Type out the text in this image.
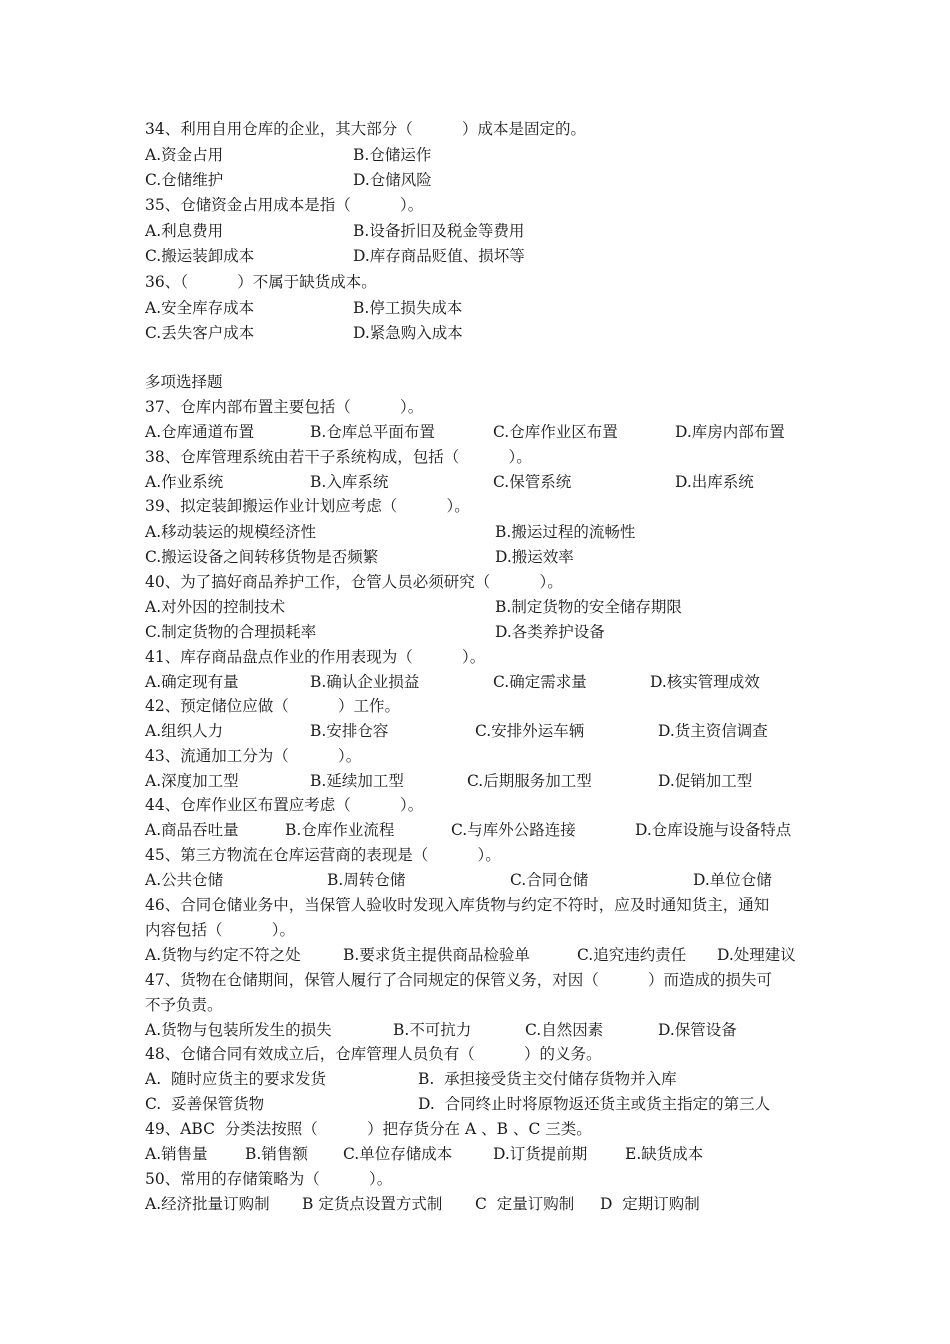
34、利用自用仓库的企业，其大部分（          ）成本是固定的。

A.资金占用

	B.仓储运作

C.仓储维护

	D.仓储风险

35、仓储资金占用成本是指（          ）。

A.利息费用

	B.设备折旧及税金等费用

C.搬运装卸成本

	D.库存商品贬值、损坏等

36、（          ）不属于缺货成本。

A.安全库存成本

	B.停工损失成本

C.丢失客户成本

	D.紧急购入成本

多项选择题
37、仓库内部布置主要包括（          ）。

A.仓库通道布置

	B.仓库总平面布置

	C.仓库作业区布置

	D.库房内部布置

38、仓库管理系统由若干子系统构成，包括（          ）。

A.作业系统

	B.入库系统

	C.保管系统

	D.出库系统

39、拟定装卸搬运作业计划应考虑（          ）。

A.移动装运的规模经济性

	B.搬运过程的流畅性

C.搬运设备之间转移货物是否频繁

	D.搬运效率

40、为了搞好商品养护工作，仓管人员必须研究（          ）。

A.对外因的控制技术

	B.制定货物的安全储存期限

C.制定货物的合理损耗率

	D.各类养护设备

41、库存商品盘点作业的作用表现为（          ）。

A.确定现有量

	B.确认企业损益

	C.确定需求量

	D.核实管理成效

42、预定储位应做（          ）工作。

A.组织人力

	B.安排仓容

	C.安排外运车辆

	D.货主资信调查

43、流通加工分为（          ）。

A.深度加工型

	B.延续加工型

	C.后期服务加工型

	D.促销加工型

44、仓库作业区布置应考虑（          ）。

A.商品吞吐量

	B.仓库作业流程

	C.与库外公路连接

	D.仓库设施与设备特点

45、第三方物流在仓库运营商的表现是（          ）。

A.公共仓储

	B.周转仓储

	C.合同仓储

	D.单位仓储

46、合同仓储业务中，当保管人验收时发现入库货物与约定不符时，应及时通知货主，通知
内容包括（          ）。

A.货物与约定不符之处

	B.要求货主提供商品检验单

	C.追究违约责任

D.处理建议

47、货物在仓储期间，保管人履行了合同规定的保管义务，对因（          ）而造成的损失可
不予负责。

A.货物与包装所发生的损失

	B.不可抗力

	C.自然因素

	D.保管设备

48、仓储合同有效成立后，仓库管理人员负有（          ）的义务。

A.  随时应货主的要求发货

	B.  承担接受货主交付储存货物并入库

C.  妥善保管货物

	D.  合同终止时将原物返还货主或货主指定的第三人

49、ABC  分类法按照（          ）把存货分在 A 、B 、C 三类。

A.销售量

B.销售额

C.单位存储成本

	D.订货提前期

E.缺货成本

50、常用的存储策略为（          ）。

A.经济批量订购制

B 定货点设置方式制

C  定量订购制

D  定期订购制
